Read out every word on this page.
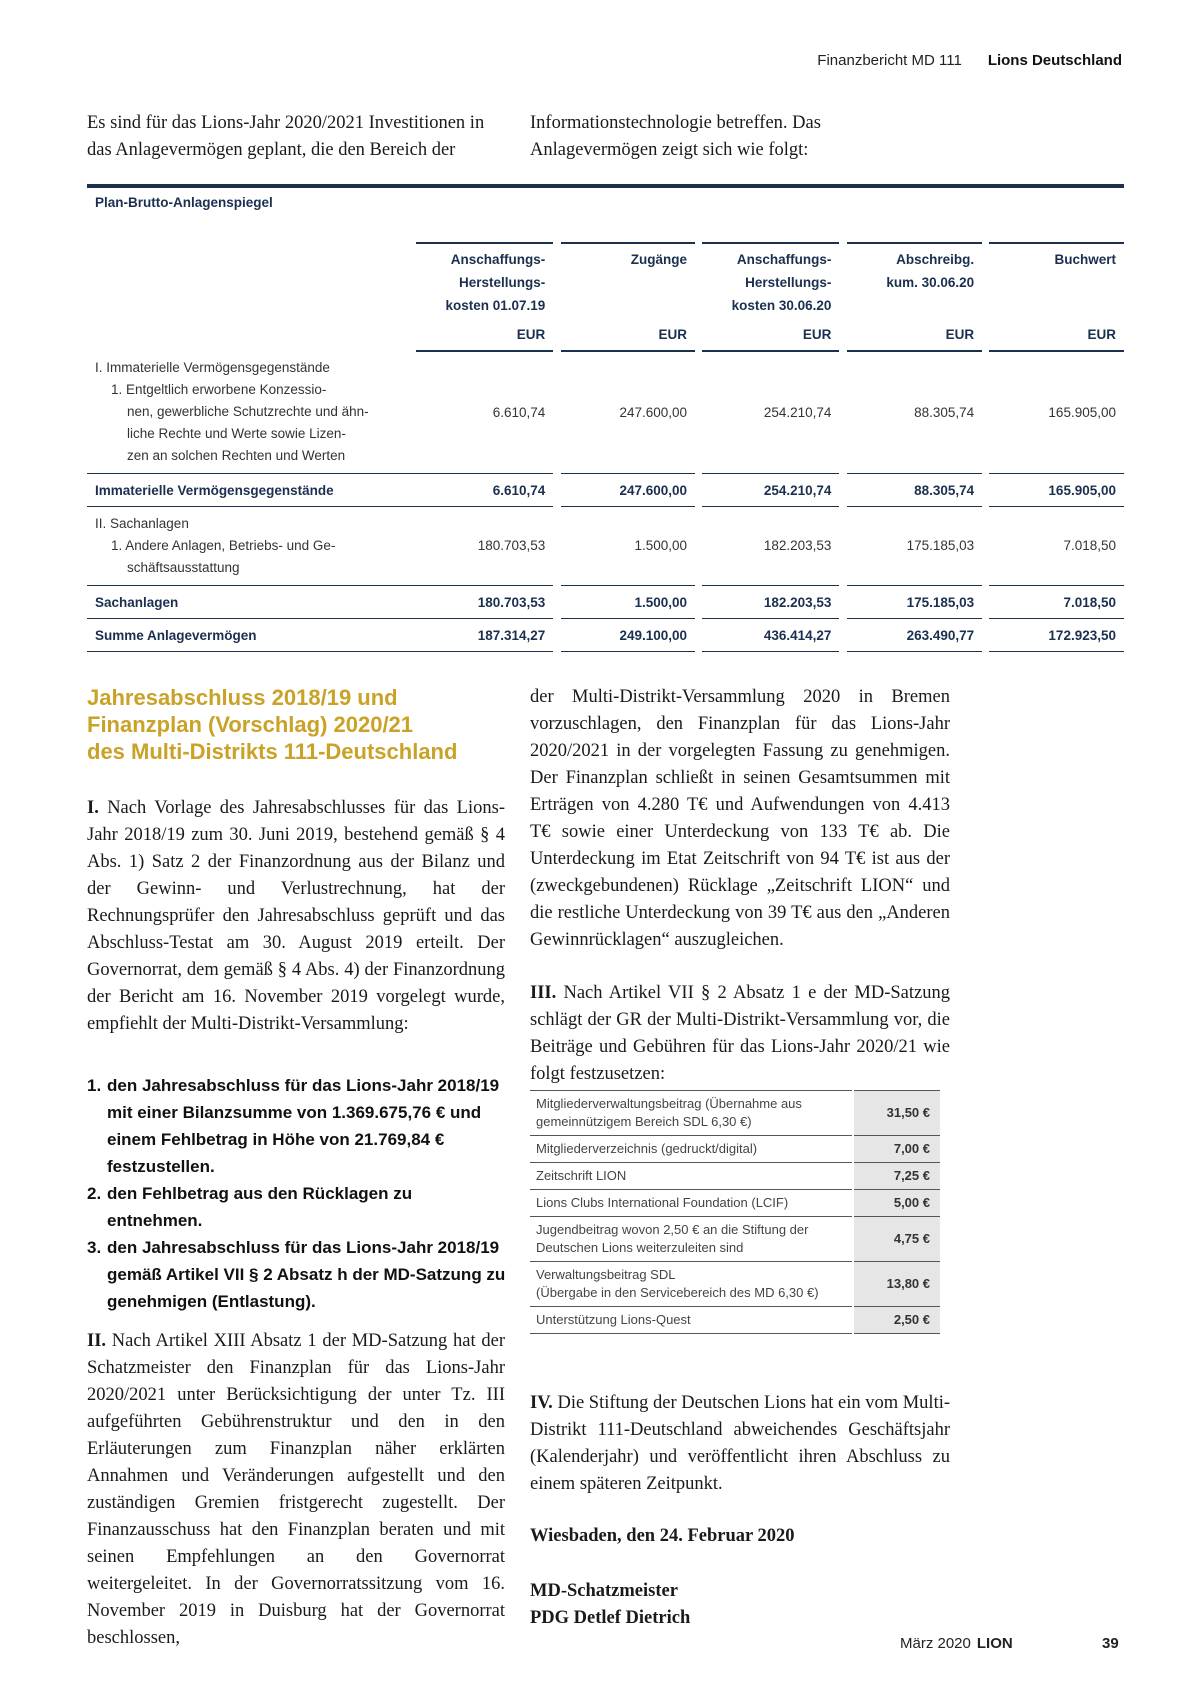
Finanzbericht MD 111 Lions Deutschland
Es sind für das Lions-Jahr 2020/2021 Investitionen in das Anlagevermögen geplant, die den Bereich der
Informationstechnologie betreffen. Das Anlagevermögen zeigt sich wie folgt:
Plan-Brutto-Anlagenspiegel
	Anschaffungs-
Herstellungs-
kosten 01.07.19		Zugänge		Anschaffungs-
Herstellungs-
kosten 30.06.20		Abschreibg.
kum. 30.06.20		Buchwert
	EUR		EUR		EUR		EUR		EUR
I. Immaterielle Vermögensgegenstände
1. Entgeltlich erworbene Konzessio-
nen, gewerbliche Schutzrechte und ähn-
liche Rechte und Werte sowie Lizen-
zen an solchen Rechten und Werten	6.610,74		247.600,00		254.210,74		88.305,74		165.905,00
Immaterielle Vermögensgegenstände	6.610,74		247.600,00		254.210,74		88.305,74		165.905,00
II. Sachanlagen
1. Andere Anlagen, Betriebs- und Ge-
schäftsausstattung	180.703,53		1.500,00		182.203,53		175.185,03		7.018,50
Sachanlagen	180.703,53		1.500,00		182.203,53		175.185,03		7.018,50
Summe Anlagevermögen	187.314,27		249.100,00		436.414,27		263.490,77		172.923,50
Jahresabschluss 2018/19 und
Finanzplan (Vorschlag) 2020/21
des Multi-Distrikts 111-Deutschland
I. Nach Vorlage des Jahresabschlusses für das Lions-Jahr 2018/19 zum 30. Juni 2019, bestehend gemäß § 4 Abs. 1) Satz 2 der Finanzordnung aus der Bilanz und der Gewinn- und Verlustrechnung, hat der Rechnungsprüfer den Jahresabschluss geprüft und das Abschluss-Testat am 30. August 2019 erteilt. Der Governorrat, dem gemäß § 4 Abs. 4) der Finanzordnung der Bericht am 16. November 2019 vorgelegt wurde, empfiehlt der Multi-Distrikt-Versammlung:
1. den Jahresabschluss für das Lions-Jahr 2018/19 mit einer Bilanzsumme von 1.369.675,76 € und einem Fehlbetrag in Höhe von 21.769,84 € festzustellen.
2. den Fehlbetrag aus den Rücklagen zu entnehmen.
3. den Jahresabschluss für das Lions-Jahr 2018/19 gemäß Artikel VII § 2 Absatz h der MD-Satzung zu genehmigen (Entlastung).
II. Nach Artikel XIII Absatz 1 der MD-Satzung hat der Schatzmeister den Finanzplan für das Lions-Jahr 2020/2021 unter Berücksichtigung der unter Tz. III aufgeführten Gebührenstruktur und den in den Erläuterungen zum Finanzplan näher erklärten Annahmen und Veränderungen aufgestellt und den zuständigen Gremien fristgerecht zugestellt. Der Finanzausschuss hat den Finanzplan beraten und mit seinen Empfehlungen an den Governorrat weitergeleitet. In der Governorratssitzung vom 16. November 2019 in Duisburg hat der Governorrat beschlossen,
der Multi-Distrikt-Versammlung 2020 in Bremen vorzuschlagen, den Finanzplan für das Lions-Jahr 2020/2021 in der vorgelegten Fassung zu genehmigen. Der Finanzplan schließt in seinen Gesamtsummen mit Erträgen von 4.280 T€ und Aufwendungen von 4.413 T€ sowie einer Unterdeckung von 133 T€ ab. Die Unterdeckung im Etat Zeitschrift von 94 T€ ist aus der (zweckgebundenen) Rücklage „Zeitschrift LION“ und die restliche Unterdeckung von 39 T€ aus den „Anderen Gewinnrücklagen“ auszugleichen.
III. Nach Artikel VII § 2 Absatz 1 e der MD-Satzung schlägt der GR der Multi-Distrikt-Versammlung vor, die Beiträge und Gebühren für das Lions-Jahr 2020/21 wie folgt festzusetzen:
Mitgliederverwaltungsbeitrag (Übernahme aus
gemeinnützigem Bereich SDL 6,30 €)	31,50 €
Mitgliederverzeichnis (gedruckt/digital)	7,00 €
Zeitschrift LION	7,25 €
Lions Clubs International Foundation (LCIF)	5,00 €
Jugendbeitrag wovon 2,50 € an die Stiftung der
Deutschen Lions weiterzuleiten sind	4,75 €
Verwaltungsbeitrag SDL
(Übergabe in den Servicebereich des MD 6,30 €)	13,80 €
Unterstützung Lions-Quest	2,50 €
IV. Die Stiftung der Deutschen Lions hat ein vom Multi-Distrikt 111-Deutschland abweichendes Geschäftsjahr (Kalenderjahr) und veröffentlicht ihren Abschluss zu einem späteren Zeitpunkt.
Wiesbaden, den 24. Februar 2020
MD-Schatzmeister
PDG Detlef Dietrich
März 2020 LION	39
